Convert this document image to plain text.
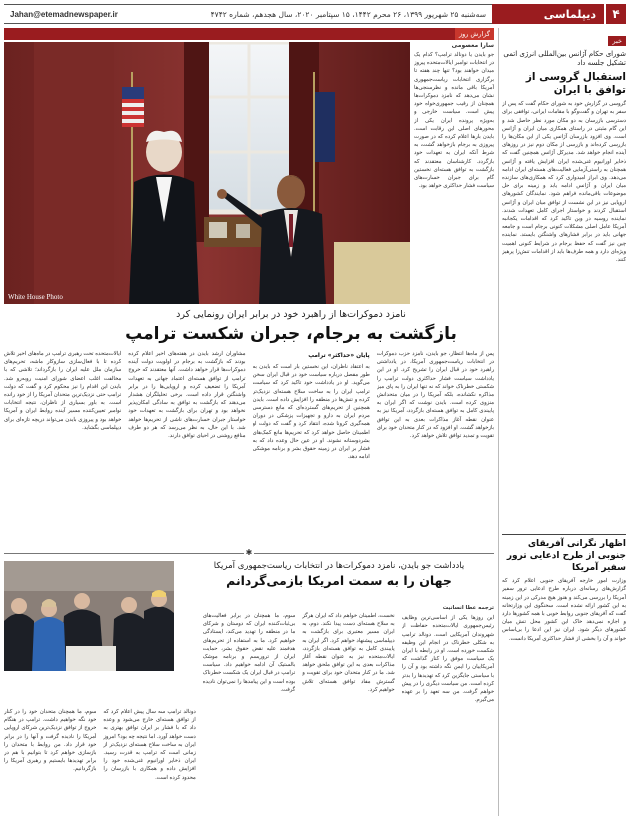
۴
دیپلماسی
Jahan@etemadnewspaper.ir	سه‌شنبه ۲۵ شهریور ۱۳۹۹، ۲۶ محرم ۱۴۴۲، ۱۵ سپتامبر ۲۰۲۰، سال هجدهم، شماره ۴۷۴۲
خبر
شورای حکام آژانس بین‌المللی انرژی اتمی تشکیل جلسه داد
استقبال گروسی از توافق با ایران
گروسی در گزارش خود به شورای حکام گفت که پس از سفر به تهران و گفت‌وگو با مقامات ایرانی، توافقی برای دسترسی بازرسان به دو مکان مورد نظر حاصل شد و این گام مثبتی در راستای همکاری میان ایران و آژانس است. وی افزود بازرسان آژانس یکی از این مکان‌ها را بازرسی کرده‌اند و بازرسی از مکان دوم نیز در روزهای آینده انجام خواهد شد. مدیرکل آژانس همچنین گفت که ذخایر اورانیوم غنی‌شده ایران افزایش یافته و آژانس همچنان به راستی‌آزمایی فعالیت‌های هسته‌ای ایران ادامه می‌دهد. وی ابراز امیدواری کرد که همکاری‌های سازنده میان ایران و آژانس ادامه یابد و زمینه برای حل موضوعات باقی‌مانده فراهم شود. نمایندگان کشورهای اروپایی نیز در این نشست از توافق میان ایران و آژانس استقبال کردند و خواستار اجرای کامل تعهدات شدند. نماینده روسیه در وین تاکید کرد که اقدامات یکجانبه آمریکا عامل اصلی مشکلات کنونی برجام است و جامعه جهانی باید در برابر فشارهای واشنگتن بایستد. نماینده چین نیز گفت که حفظ برجام در شرایط کنونی اهمیت ویژه‌ای دارد و همه طرف‌ها باید از اقدامات تنش‌زا پرهیز کنند.
اظهار نگرانی آفریقای جنوبی از طرح ادعایی ترور سفیر آمریکا
وزارت امور خارجه آفریقای جنوبی اعلام کرد که گزارش‌های رسانه‌ای درباره طرح ادعایی ترور سفیر آمریکا را بررسی می‌کند و هنوز هیچ مدرکی در این زمینه به این کشور ارائه نشده است. سخنگوی این وزارتخانه گفت که آفریقای جنوبی روابط خوبی با همه کشورها دارد و اجازه نمی‌دهد خاک این کشور محل تنش میان کشورهای دیگر شود. ایران نیز این ادعا را بی‌اساس خواند و آن را بخشی از فشار حداکثری آمریکا دانست.
گزارش روز
سارا معصومی
جو بایدن یا دونالد ترامپ؟ کدام یک در انتخابات نوامبر ایالات‌متحده پیروز میدان خواهند بود؟ تنها چند هفته تا برگزاری انتخابات ریاست‌جمهوری آمریکا باقی مانده و نظرسنجی‌ها نشان می‌دهد که نامزد دموکرات‌ها همچنان از رقیب جمهوری‌خواه خود پیش است. سیاست خارجی و به‌ویژه پرونده ایران یکی از محورهای اصلی این رقابت است. بایدن بارها اعلام کرده که در صورت پیروزی به برجام بازخواهد گشت، به شرط آنکه ایران به تعهدات خود بازگردد. کارشناسان معتقدند که بازگشت به توافق هسته‌ای نخستین گام برای جبران خسارت‌های سیاست فشار حداکثری خواهد بود.
White House Photo
نامزد دموکرات‌ها از راهبرد خود در برابر ایران رونمایی کرد
بازگشت به برجام، جبران شکست ترامپ
پس از ماه‌ها انتظار، جو بایدن، نامزد حزب دموکرات در انتخابات ریاست‌جمهوری آمریکا، در یادداشتی راهبرد خود در قبال ایران را تشریح کرد. او در این یادداشت سیاست فشار حداکثری دولت ترامپ را شکستی خطرناک خواند که نه تنها ایران را به پای میز مذاکره نکشانده، بلکه آمریکا را در میان متحدانش منزوی کرده است. بایدن نوشت که اگر ایران به پایبندی کامل به توافق هسته‌ای بازگردد، آمریکا نیز به عنوان نقطه آغاز مذاکرات بعدی به این توافق بازخواهد گشت. او افزود که در کنار متحدان خود برای تقویت و تمدید توافق تلاش خواهد کرد.
پایان «حداکثر» ترامپ
به اعتقاد ناظران، این نخستین بار است که بایدن به طور مفصل درباره سیاست خود در قبال ایران سخن می‌گوید. او در یادداشت خود تاکید کرد که سیاست ترامپ ایران را به ساخت سلاح هسته‌ای نزدیک‌تر کرده و تنش‌ها در منطقه را افزایش داده است. بایدن همچنین از تحریم‌های گسترده‌ای که مانع دسترسی مردم ایران به دارو و تجهیزات پزشکی در دوران همه‌گیری کرونا شده، انتقاد کرد و گفت که دولت او اطمینان حاصل خواهد کرد که تحریم‌ها مانع کمک‌های بشردوستانه نشوند. او در عین حال وعده داد که به فشار بر ایران در زمینه حقوق بشر و برنامه موشکی ادامه دهد.
مشاوران ارشد بایدن در هفته‌های اخیر اعلام کرده بودند که بازگشت به برجام در اولویت دولت آینده دموکرات‌ها قرار خواهد داشت. آنها معتقدند که خروج ترامپ از توافق هسته‌ای اعتماد جهانی به تعهدات آمریکا را تضعیف کرده و اروپایی‌ها را در برابر واشنگتن قرار داده است. برخی تحلیلگران هشدار می‌دهند که بازگشت به توافق به سادگی امکان‌پذیر نخواهد بود و تهران برای بازگشت به تعهدات خود خواستار جبران خسارت‌های ناشی از تحریم‌ها خواهد شد. با این حال، به نظر می‌رسد که هر دو طرف منافع روشنی در احیای توافق دارند.
ایالات‌متحده تحت رهبری ترامپ در ماه‌های اخیر تلاش کرده تا با فعال‌سازی سازوکار ماشه، تحریم‌های سازمان ملل علیه ایران را بازگرداند؛ تلاشی که با مخالفت اغلب اعضای شورای امنیت روبه‌رو شد. بایدن این اقدام را نیز محکوم کرد و گفت که دولت ترامپ حتی نزدیک‌ترین متحدان آمریکا را از خود رانده است. به باور بسیاری از ناظران، نتیجه انتخابات نوامبر تعیین‌کننده مسیر آینده روابط ایران و آمریکا خواهد بود و پیروزی بایدن می‌تواند دریچه تازه‌ای برای دیپلماسی بگشاید.
✱
یادداشت جو بایدن، نامزد دموکرات‌ها در انتخابات ریاست‌جمهوری آمریکا
جهان را به سمت امریکا بازمی‌گردانم
ترجمه عطا انسانیت
این روزها یکی از اساسی‌ترین وظایف رئیس‌جمهوری ایالات‌متحده حفاظت از شهروندان آمریکایی است. دونالد ترامپ به شکلی خطرناک در انجام این وظیفه شکست خورده است. او در رابطه با ایران یک سیاست موفق را کنار گذاشت که آمریکاییان را ایمن نگه داشته بود و آن را با سیاستی جایگزین کرد که تهدیدها را بدتر کرده است. من سیاست دیگری را در پیش خواهم گرفت. من سه تعهد را بر عهده می‌گیرم.
نخست، اطمینان خواهم داد که ایران هرگز به سلاح هسته‌ای دست پیدا نکند. دوم، به ایران مسیر معتبری برای بازگشت به دیپلماسی پیشنهاد خواهم کرد. اگر ایران به پایبندی کامل به توافق هسته‌ای بازگردد، ایالات‌متحده نیز به عنوان نقطه آغاز مذاکرات بعدی به این توافق ملحق خواهد شد. ما در کنار متحدان خود برای تقویت و گسترش مفاد توافق هسته‌ای تلاش خواهیم کرد.
سوم، ما همچنان در برابر فعالیت‌های بی‌ثبات‌کننده ایران که دوستان و شرکای ما در منطقه را تهدید می‌کند، ایستادگی خواهیم کرد. ما به استفاده از تحریم‌های هدفمند علیه نقض حقوق بشر، حمایت ایران از تروریسم و برنامه موشک بالستیک آن ادامه خواهیم داد. سیاست ترامپ در قبال ایران یک شکست خطرناک بوده است و این پیامدها را نمی‌توان نادیده گرفت.
دونالد ترامپ سه سال پیش اعلام کرد که از توافق هسته‌ای خارج می‌شود و وعده داد که با فشار بر ایران توافق بهتری به دست خواهد آورد. اما نتیجه چه بود؟ امروز ایران به ساخت سلاح هسته‌ای نزدیک‌تر از زمانی است که ترامپ به قدرت رسید. ایران ذخایر اورانیوم غنی‌شده خود را افزایش داده و همکاری با بازرسان را محدود کرده است.
سوم، ما همچنان متحدان خود را در کنار خود نگه خواهیم داشت. ترامپ در هنگام خروج از توافق نزدیک‌ترین شرکای اروپایی آمریکا را نادیده گرفت و آنها را در برابر خود قرار داد. من روابط با متحدان را بازسازی خواهم کرد تا بتوانیم با هم در برابر تهدیدها بایستیم و رهبری آمریکا را بازگردانیم.
